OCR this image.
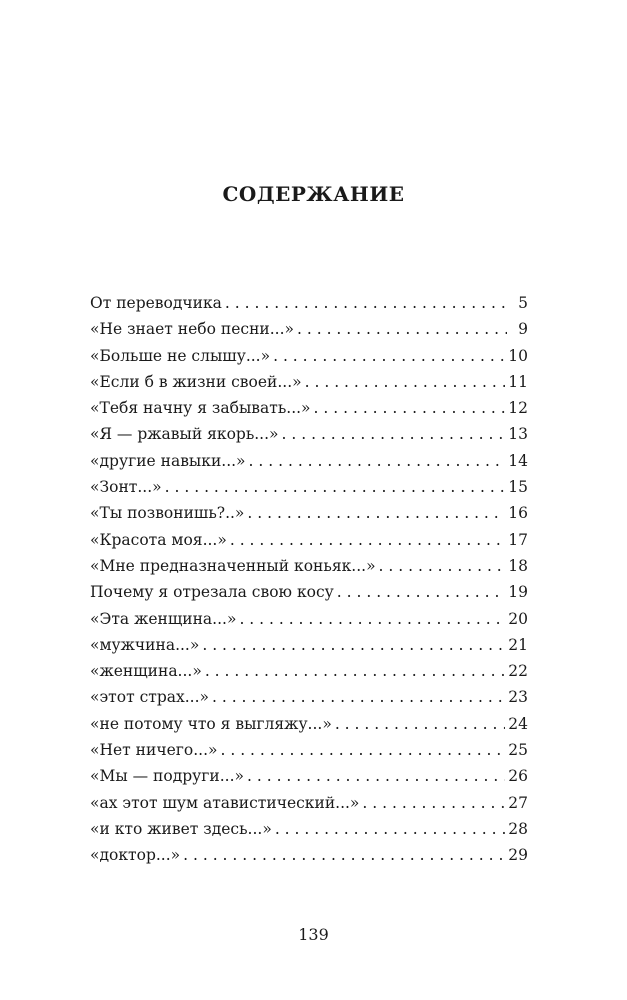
СОДЕРЖАНИЕ
От переводчика . . .	5
«Не знает небо песни...» . . .	9
«Больше не слышу...» . . .	10
«Если б в жизни своей...» . . .	11
«Тебя начну я забывать...» . . .	12
«Я — ржавый якорь...» . . .	13
«другие навыки...» . . .	14
«Зонт...» . . .	15
«Ты позвонишь?..» . . .	16
«Красота моя...» . . .	17
«Мне предназначенный коньяк...» . . .	18
Почему я отрезала свою косу . . .	19
«Эта женщина...» . . .	20
«мужчина...» . . .	21
«женщина...» . . .	22
«этот страх...» . . .	23
«не потому что я выгляжу...» . . .	24
«Нет ничего...» . . .	25
«Мы — подруги...» . . .	26
«ах этот шум атавистический...» . . .	27
«и кто живет здесь...» . . .	28
«доктор...» . . .	29
139
